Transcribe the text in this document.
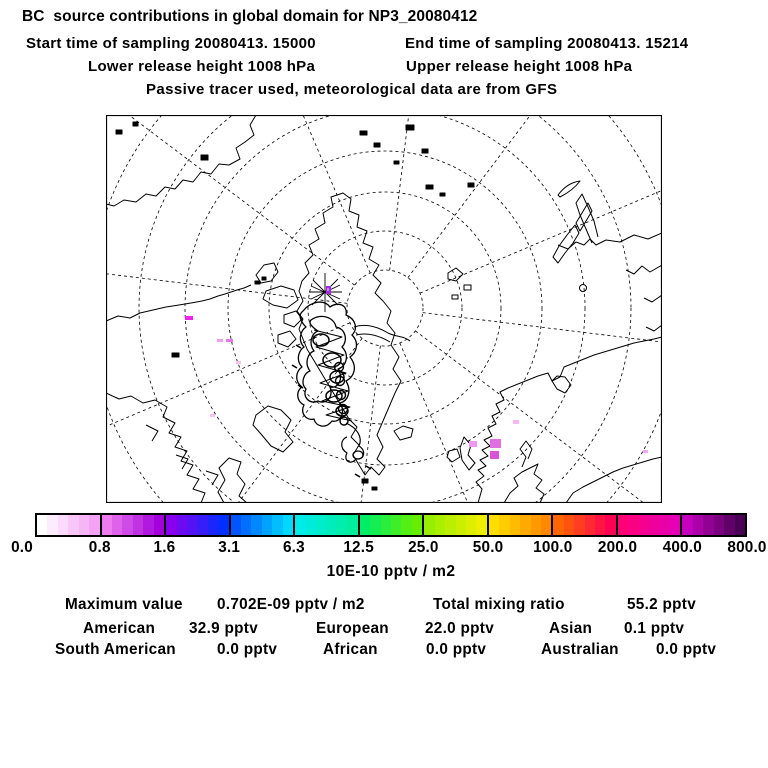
BC  source contributions in global domain for NP3_20080412
Start time of sampling 20080413. 15000	End time of sampling 20080413. 15214
Lower release height 1008 hPa	Upper release height 1008 hPa
Passive tracer used, meteorological data are from GFS
0.0	0.8	1.6	3.1	6.3	12.5 25.0 50.0 100.0 200.0 400.0 800.0
10E-10 pptv / m2
Maximum value 0.702E-09 pptv / m2	Total mixing ratio	55.2 pptv
American 32.9 pptv	European 22.0 pptv	Asian 0.1 pptv
South American	0.0 pptv	African	0.0 pptv	Australian 0.0 pptv
